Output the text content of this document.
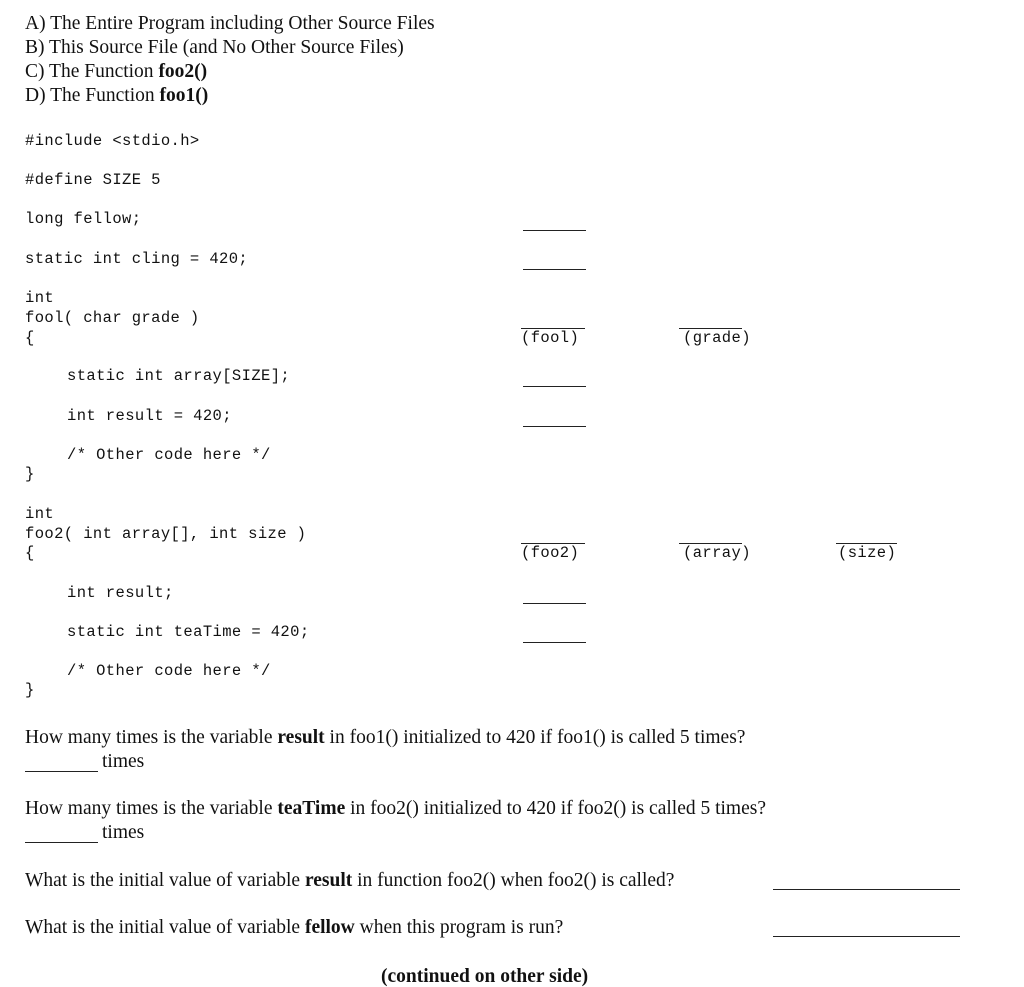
A) The Entire Program including Other Source Files
B) This Source File (and No Other Source Files)
C) The Function foo2()
D) The Function foo1()
#include <stdio.h>
#define SIZE 5
long fellow;
static int cling = 420;
int
fool( char grade )
{
static int array[SIZE];
int result = 420;
/* Other code here */
}
int
foo2( int array[], int size )
{
int result;
static int teaTime = 420;
/* Other code here */
}
(fool)	(grade)
(foo2)	(array)	(size)
How many times is the variable result in foo1() initialized to 420 if foo1() is called 5 times?
times
How many times is the variable teaTime in foo2() initialized to 420 if foo2() is called 5 times?
times
What is the initial value of variable result in function foo2() when foo2() is called?
What is the initial value of variable fellow when this program is run?
(continued on other side)
